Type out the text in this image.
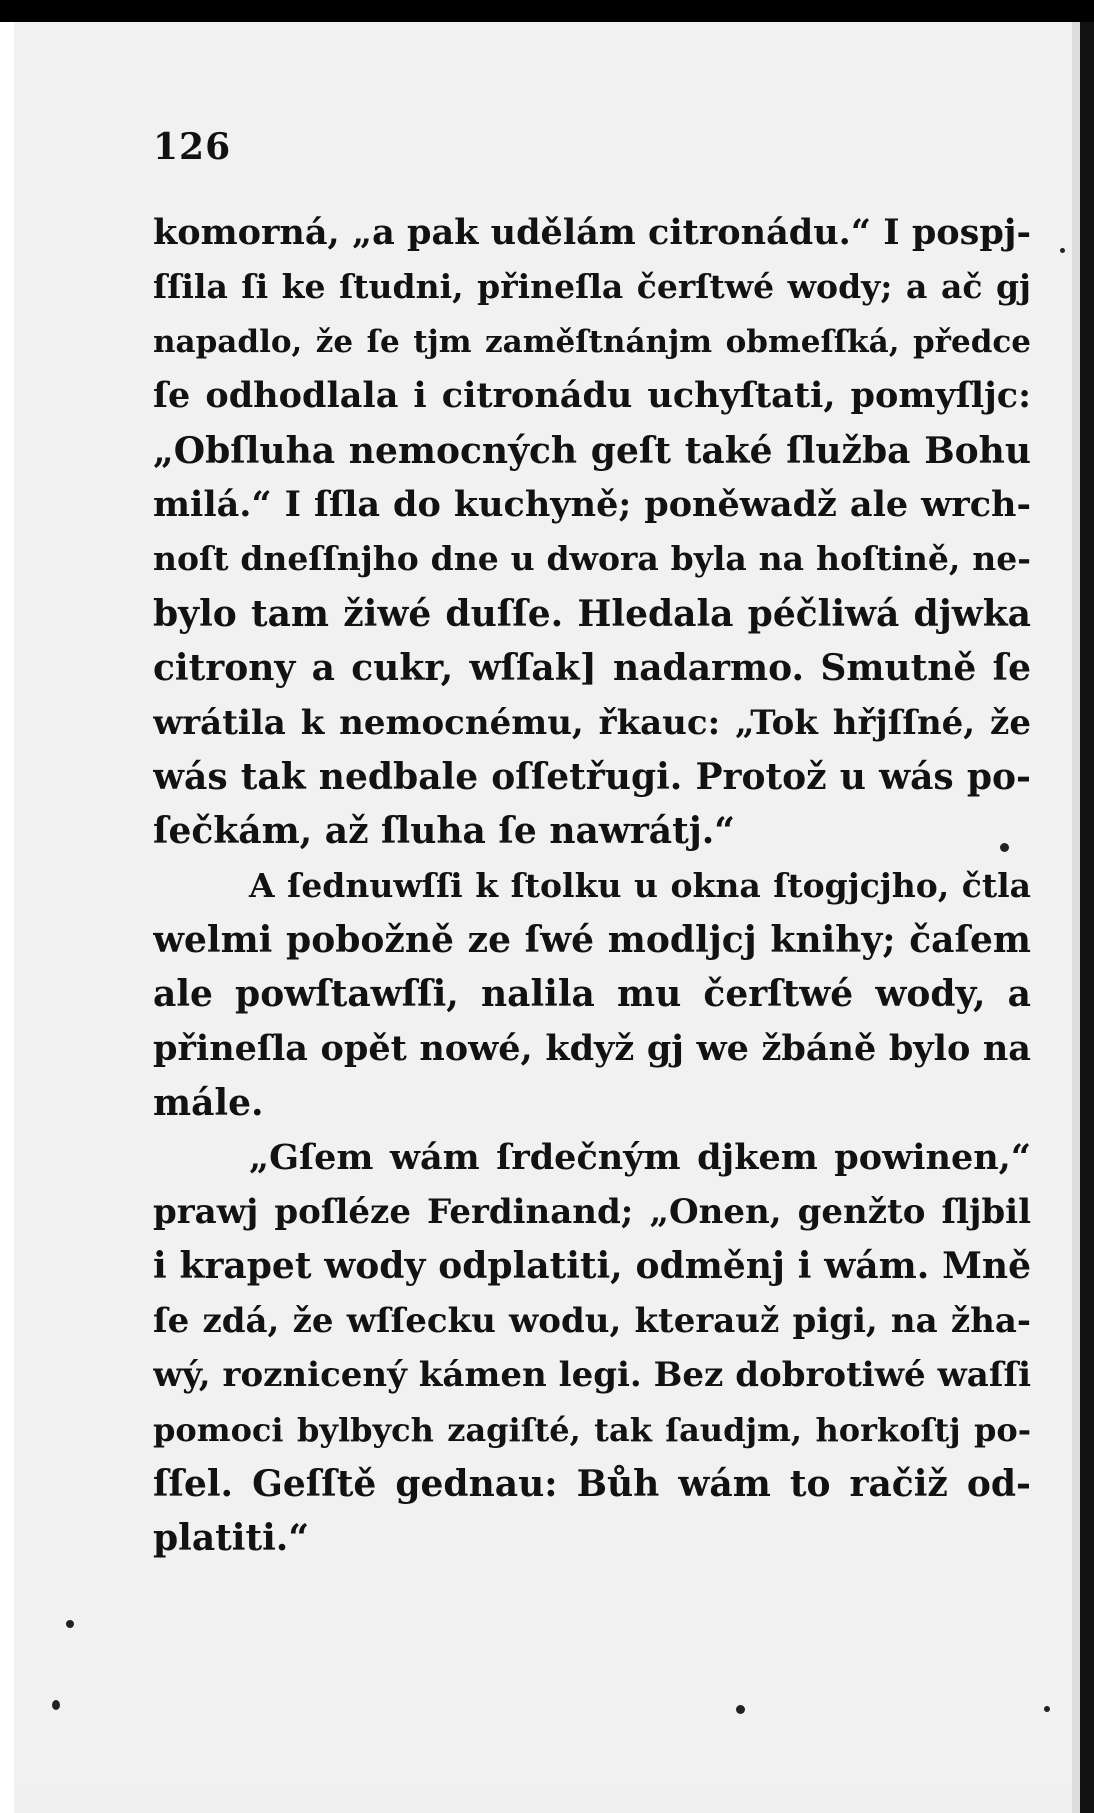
126
komorná, „a pak udělám citronádu.“ I pospj-
ſſila ſi ke ſtudni, přineſla čerſtwé wody; a ač gj
napadlo, že ſe tjm zaměſtnánjm obmeſſká, předce
ſe odhodlala i citronádu uchyſtati, pomyſljc:
„Obſluha nemocných geſt také ſlužba Bohu
milá.“ I ſſla do kuchyně; poněwadž ale wrch-
noſt dneſſnjho dne u dwora byla na hoſtině, ne-
bylo tam žiwé duſſe. Hledala péčliwá djwka
citrony a cukr, wſſak] nadarmo. Smutně ſe
wrátila k nemocnému, řkauc: „Tok hřjſſné, že
wás tak nedbale oſſetřugi. Protož u wás po-
ſečkám, až ſluha ſe nawrátj.“
A ſednuwſſi k ſtolku u okna ſtogjcjho, čtla
welmi pobožně ze ſwé modljcj knihy; čaſem
ale powſtawſſi, nalila mu čerſtwé wody, a
přineſla opět nowé, když gj we žbáně bylo na
mále.
„Gſem wám ſrdečným djkem powinen,“
prawj poſléze Ferdinand; „Onen, genžto ſljbil
i krapet wody odplatiti, odměnj i wám. Mně
ſe zdá, že wſſecku wodu, kterauž pigi, na žha-
wý, roznicený kámen legi. Bez dobrotiwé waſſi
pomoci bylbych zagiſté, tak ſaudjm, horkoſtj po-
ſſel. Geſſtě gednau: Bůh wám to račiž od-
platiti.“
